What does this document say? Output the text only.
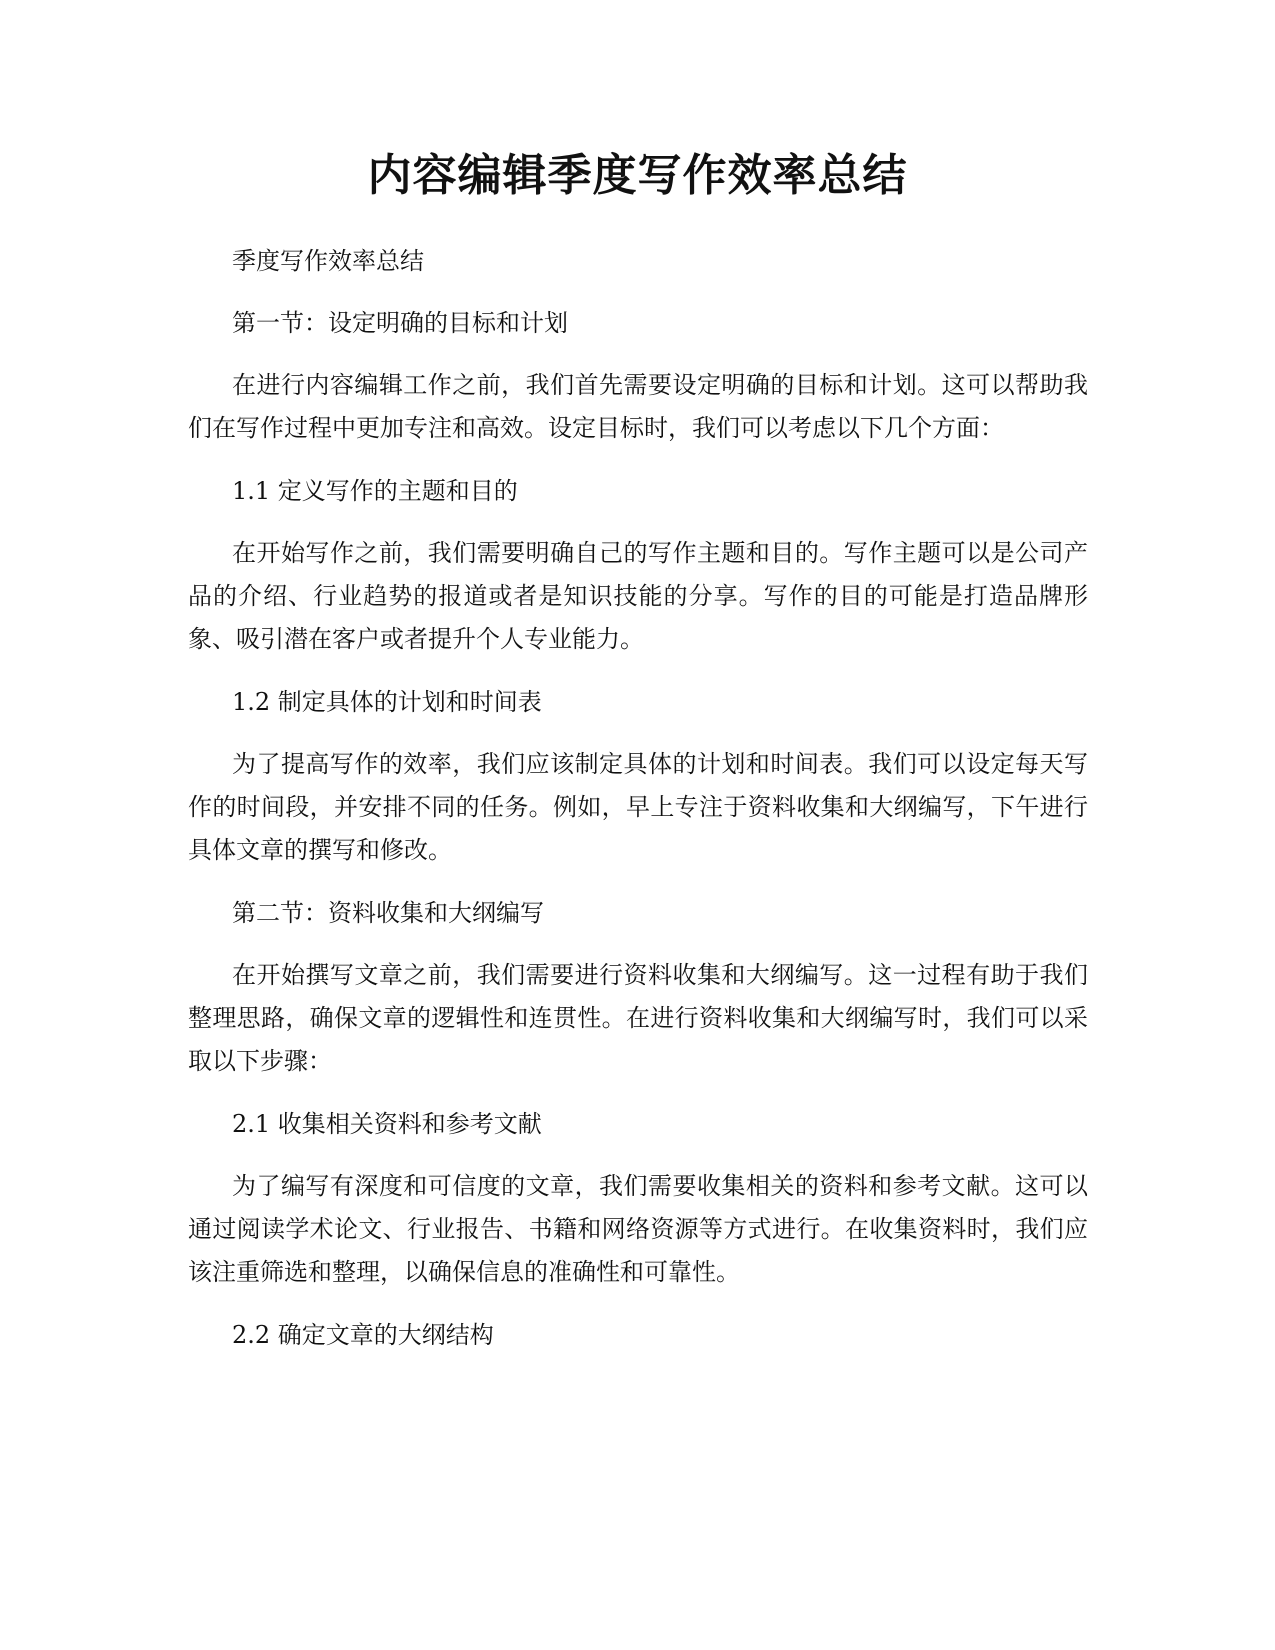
内容编辑季度写作效率总结

季度写作效率总结

第一节：设定明确的目标和计划

在进行内容编辑工作之前，我们首先需要设定明确的目标和计划。这可以帮助我们在写作过程中更加专注和高效。设定目标时，我们可以考虑以下几个方面：

1.1 定义写作的主题和目的

在开始写作之前，我们需要明确自己的写作主题和目的。写作主题可以是公司产品的介绍、行业趋势的报道或者是知识技能的分享。写作的目的可能是打造品牌形象、吸引潜在客户或者提升个人专业能力。

1.2 制定具体的计划和时间表

为了提高写作的效率，我们应该制定具体的计划和时间表。我们可以设定每天写作的时间段，并安排不同的任务。例如，早上专注于资料收集和大纲编写，下午进行具体文章的撰写和修改。

第二节：资料收集和大纲编写

在开始撰写文章之前，我们需要进行资料收集和大纲编写。这一过程有助于我们整理思路，确保文章的逻辑性和连贯性。在进行资料收集和大纲编写时，我们可以采取以下步骤：

2.1 收集相关资料和参考文献

为了编写有深度和可信度的文章，我们需要收集相关的资料和参考文献。这可以通过阅读学术论文、行业报告、书籍和网络资源等方式进行。在收集资料时，我们应该注重筛选和整理，以确保信息的准确性和可靠性。

2.2 确定文章的大纲结构
